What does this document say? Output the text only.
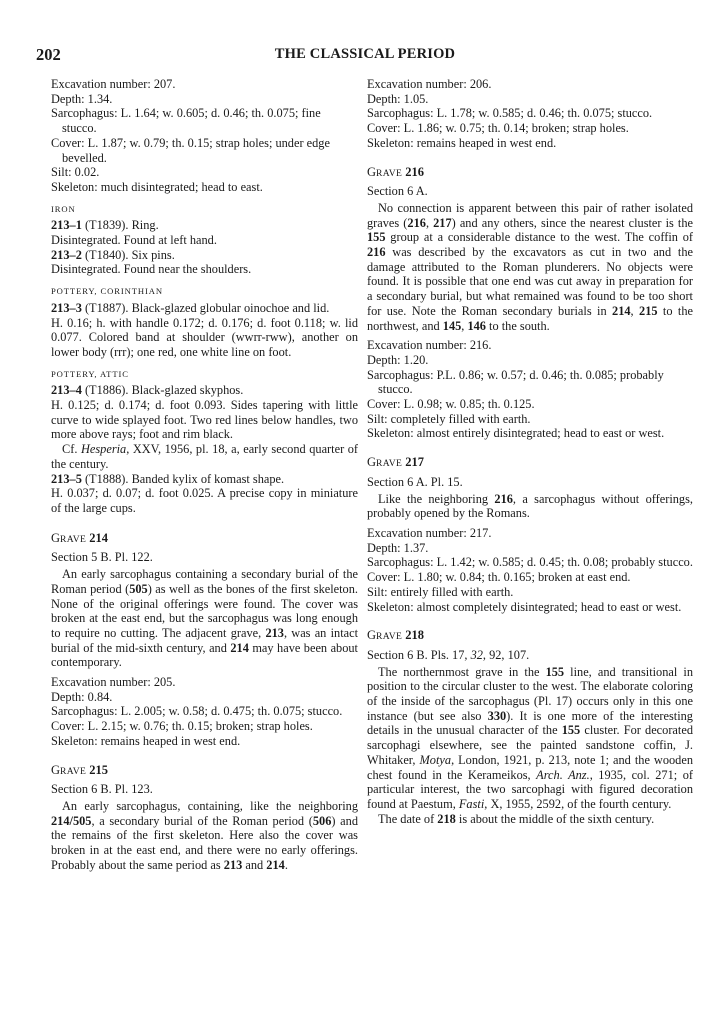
202	THE CLASSICAL PERIOD

Excavation number: 207.

Depth: 1.34.

Sarcophagus: L. 1.64; w. 0.605; d. 0.46; th. 0.075; fine stucco.

Cover: L. 1.87; w. 0.79; th. 0.15; strap holes; under edge bevelled.

Silt: 0.02.

Skeleton: much disintegrated; head to east.

IRON

213–1 (T1839). Ring.

Disintegrated. Found at left hand.

213–2 (T1840). Six pins.

Disintegrated. Found near the shoulders.

POTTERY, CORINTHIAN

213–3 (T1887). Black-glazed globular oinochoe and lid.

H. 0.16; h. with handle 0.172; d. 0.176; d. foot 0.118; w. lid 0.077. Colored band at shoulder (wwrr-rww), another on lower body (rrr); one red, one white line on foot.

POTTERY, ATTIC

213–4 (T1886). Black-glazed skyphos.

H. 0.125; d. 0.174; d. foot 0.093. Sides tapering with little curve to wide splayed foot. Two red lines below handles, two more above rays; foot and rim black.

Cf. Hesperia, XXV, 1956, pl. 18, a, early second quarter of the century.

213–5 (T1888). Banded kylix of komast shape.

H. 0.037; d. 0.07; d. foot 0.025. A precise copy in miniature of the large cups.

GRAVE 214

Section 5 B. Pl. 122.

An early sarcophagus containing a secondary burial of the Roman period (505) as well as the bones of the first skeleton. None of the original offerings were found. The cover was broken at the east end, but the sarcophagus was long enough to require no cutting. The adjacent grave, 213, was an intact burial of the mid-sixth century, and 214 may have been about contemporary.

Excavation number: 205.

Depth: 0.84.

Sarcophagus: L. 2.005; w. 0.58; d. 0.475; th. 0.075; stucco.

Cover: L. 2.15; w. 0.76; th. 0.15; broken; strap holes.

Skeleton: remains heaped in west end.

GRAVE 215

Section 6 B. Pl. 123.

An early sarcophagus, containing, like the neighboring 214/505, a secondary burial of the Roman period (506) and the remains of the first skeleton. Here also the cover was broken in at the east end, and there were no early offerings. Probably about the same period as 213 and 214.

Excavation number: 206.

Depth: 1.05.

Sarcophagus: L. 1.78; w. 0.585; d. 0.46; th. 0.075; stucco.

Cover: L. 1.86; w. 0.75; th. 0.14; broken; strap holes.

Skeleton: remains heaped in west end.

GRAVE 216

Section 6 A.

No connection is apparent between this pair of rather isolated graves (216, 217) and any others, since the nearest cluster is the 155 group at a considerable distance to the west. The coffin of 216 was described by the excavators as cut in two and the damage attributed to the Roman plunderers. No objects were found. It is possible that one end was cut away in preparation for a secondary burial, but what remained was found to be too short for use. Note the Roman secondary burials in 214, 215 to the northwest, and 145, 146 to the south.

Excavation number: 216.

Depth: 1.20.

Sarcophagus: P.L. 0.86; w. 0.57; d. 0.46; th. 0.085; probably stucco.

Cover: L. 0.98; w. 0.85; th. 0.125.

Silt: completely filled with earth.

Skeleton: almost entirely disintegrated; head to east or west.

GRAVE 217

Section 6 A. Pl. 15.

Like the neighboring 216, a sarcophagus without offerings, probably opened by the Romans.

Excavation number: 217.

Depth: 1.37.

Sarcophagus: L. 1.42; w. 0.585; d. 0.45; th. 0.08; probably stucco.

Cover: L. 1.80; w. 0.84; th. 0.165; broken at east end.

Silt: entirely filled with earth.

Skeleton: almost completely disintegrated; head to east or west.

GRAVE 218

Section 6 B. Pls. 17, 32, 92, 107.

The northernmost grave in the 155 line, and transitional in position to the circular cluster to the west. The elaborate coloring of the inside of the sarcophagus (Pl. 17) occurs only in this one instance (but see also 330). It is one more of the interesting details in the unusual character of the 155 cluster. For decorated sarcophagi elsewhere, see the painted sandstone coffin, J. Whitaker, Motya, London, 1921, p. 213, note 1; and the wooden chest found in the Kerameikos, Arch. Anz., 1935, col. 271; of particular interest, the two sarcophagi with figured decoration found at Paestum, Fasti, X, 1955, 2592, of the fourth century.

The date of 218 is about the middle of the sixth century.
